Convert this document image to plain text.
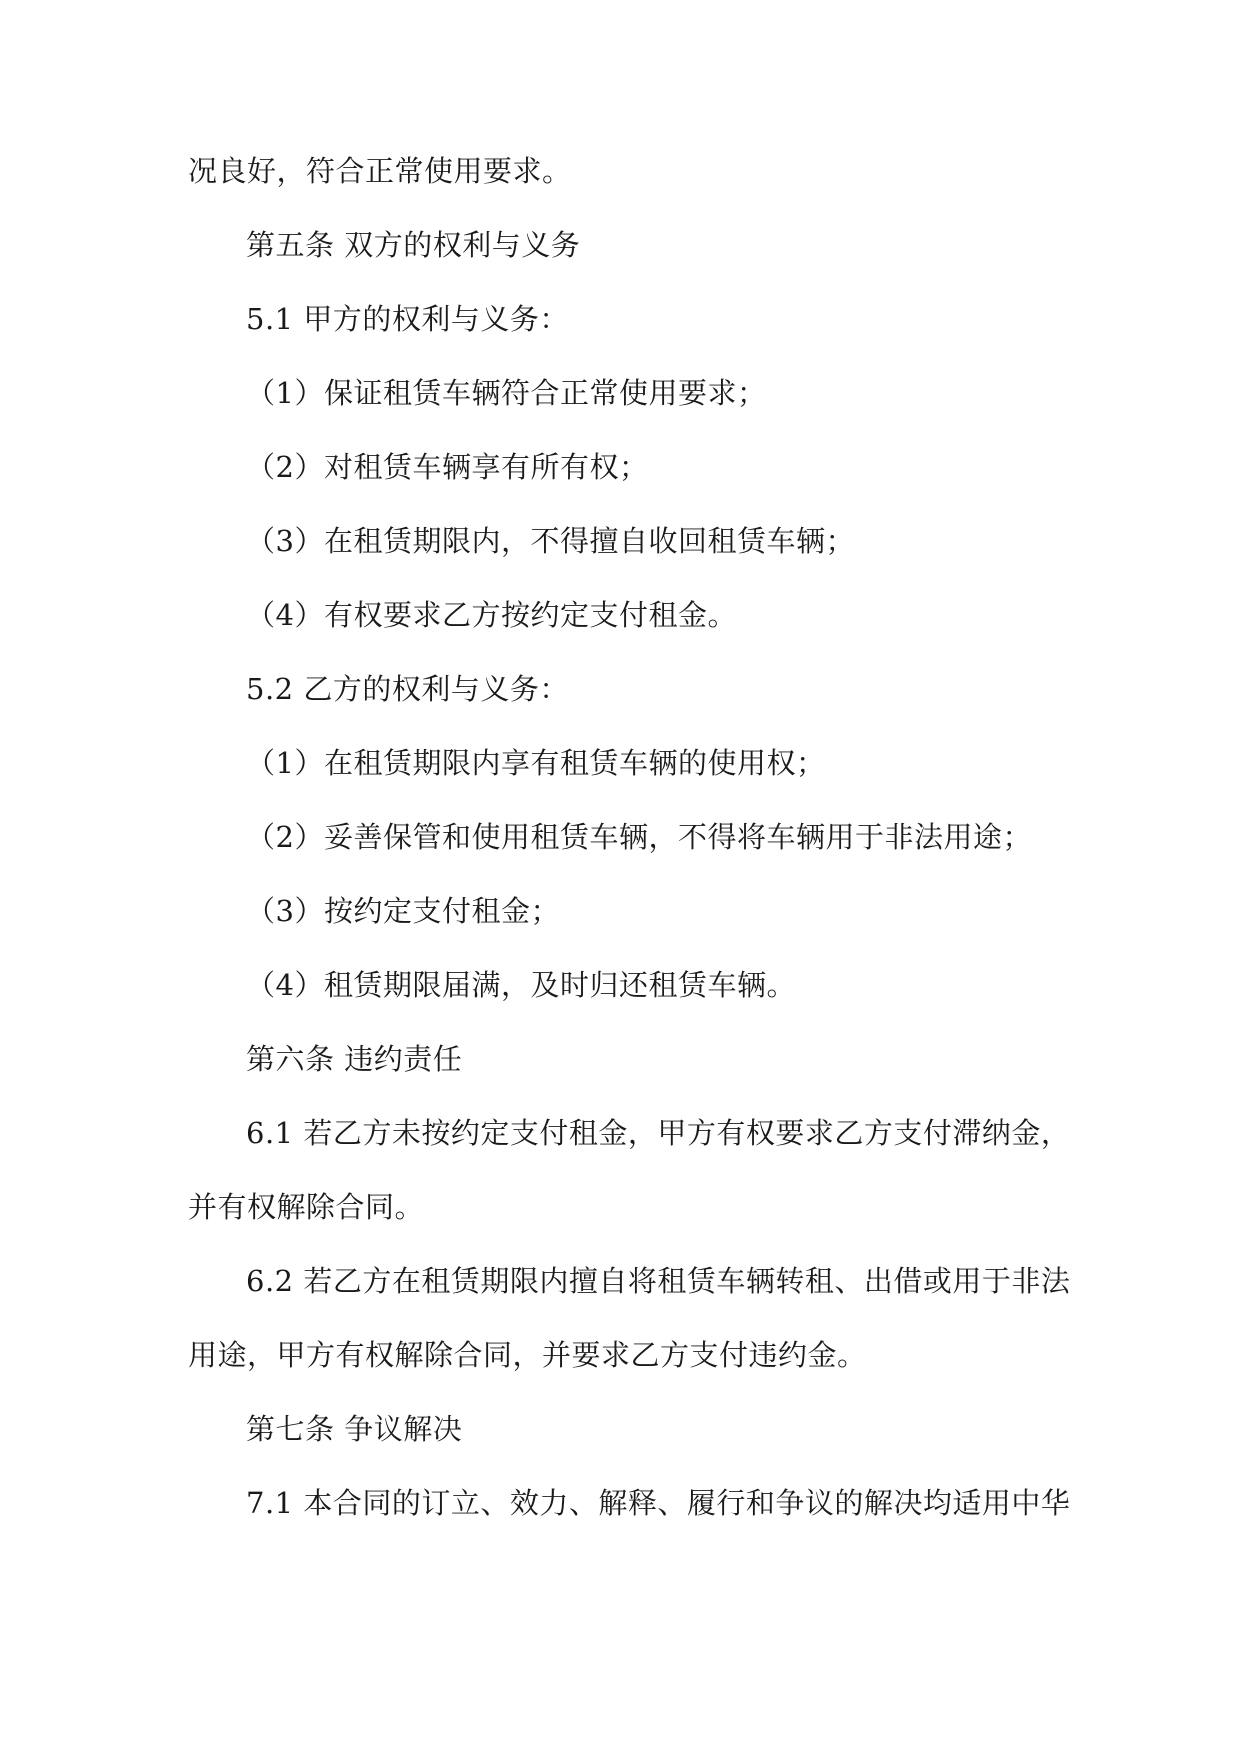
况良好，符合正常使用要求。
第五条 双方的权利与义务
5.1 甲方的权利与义务：
（1）保证租赁车辆符合正常使用要求；
（2）对租赁车辆享有所有权；
（3）在租赁期限内，不得擅自收回租赁车辆；
（4）有权要求乙方按约定支付租金。
5.2 乙方的权利与义务：
（1）在租赁期限内享有租赁车辆的使用权；
（2）妥善保管和使用租赁车辆，不得将车辆用于非法用途；
（3）按约定支付租金；
（4）租赁期限届满，及时归还租赁车辆。
第六条 违约责任
6.1 若乙方未按约定支付租金，甲方有权要求乙方支付滞纳金，
并有权解除合同。
6.2 若乙方在租赁期限内擅自将租赁车辆转租、出借或用于非法
用途，甲方有权解除合同，并要求乙方支付违约金。
第七条 争议解决
7.1 本合同的订立、效力、解释、履行和争议的解决均适用中华
